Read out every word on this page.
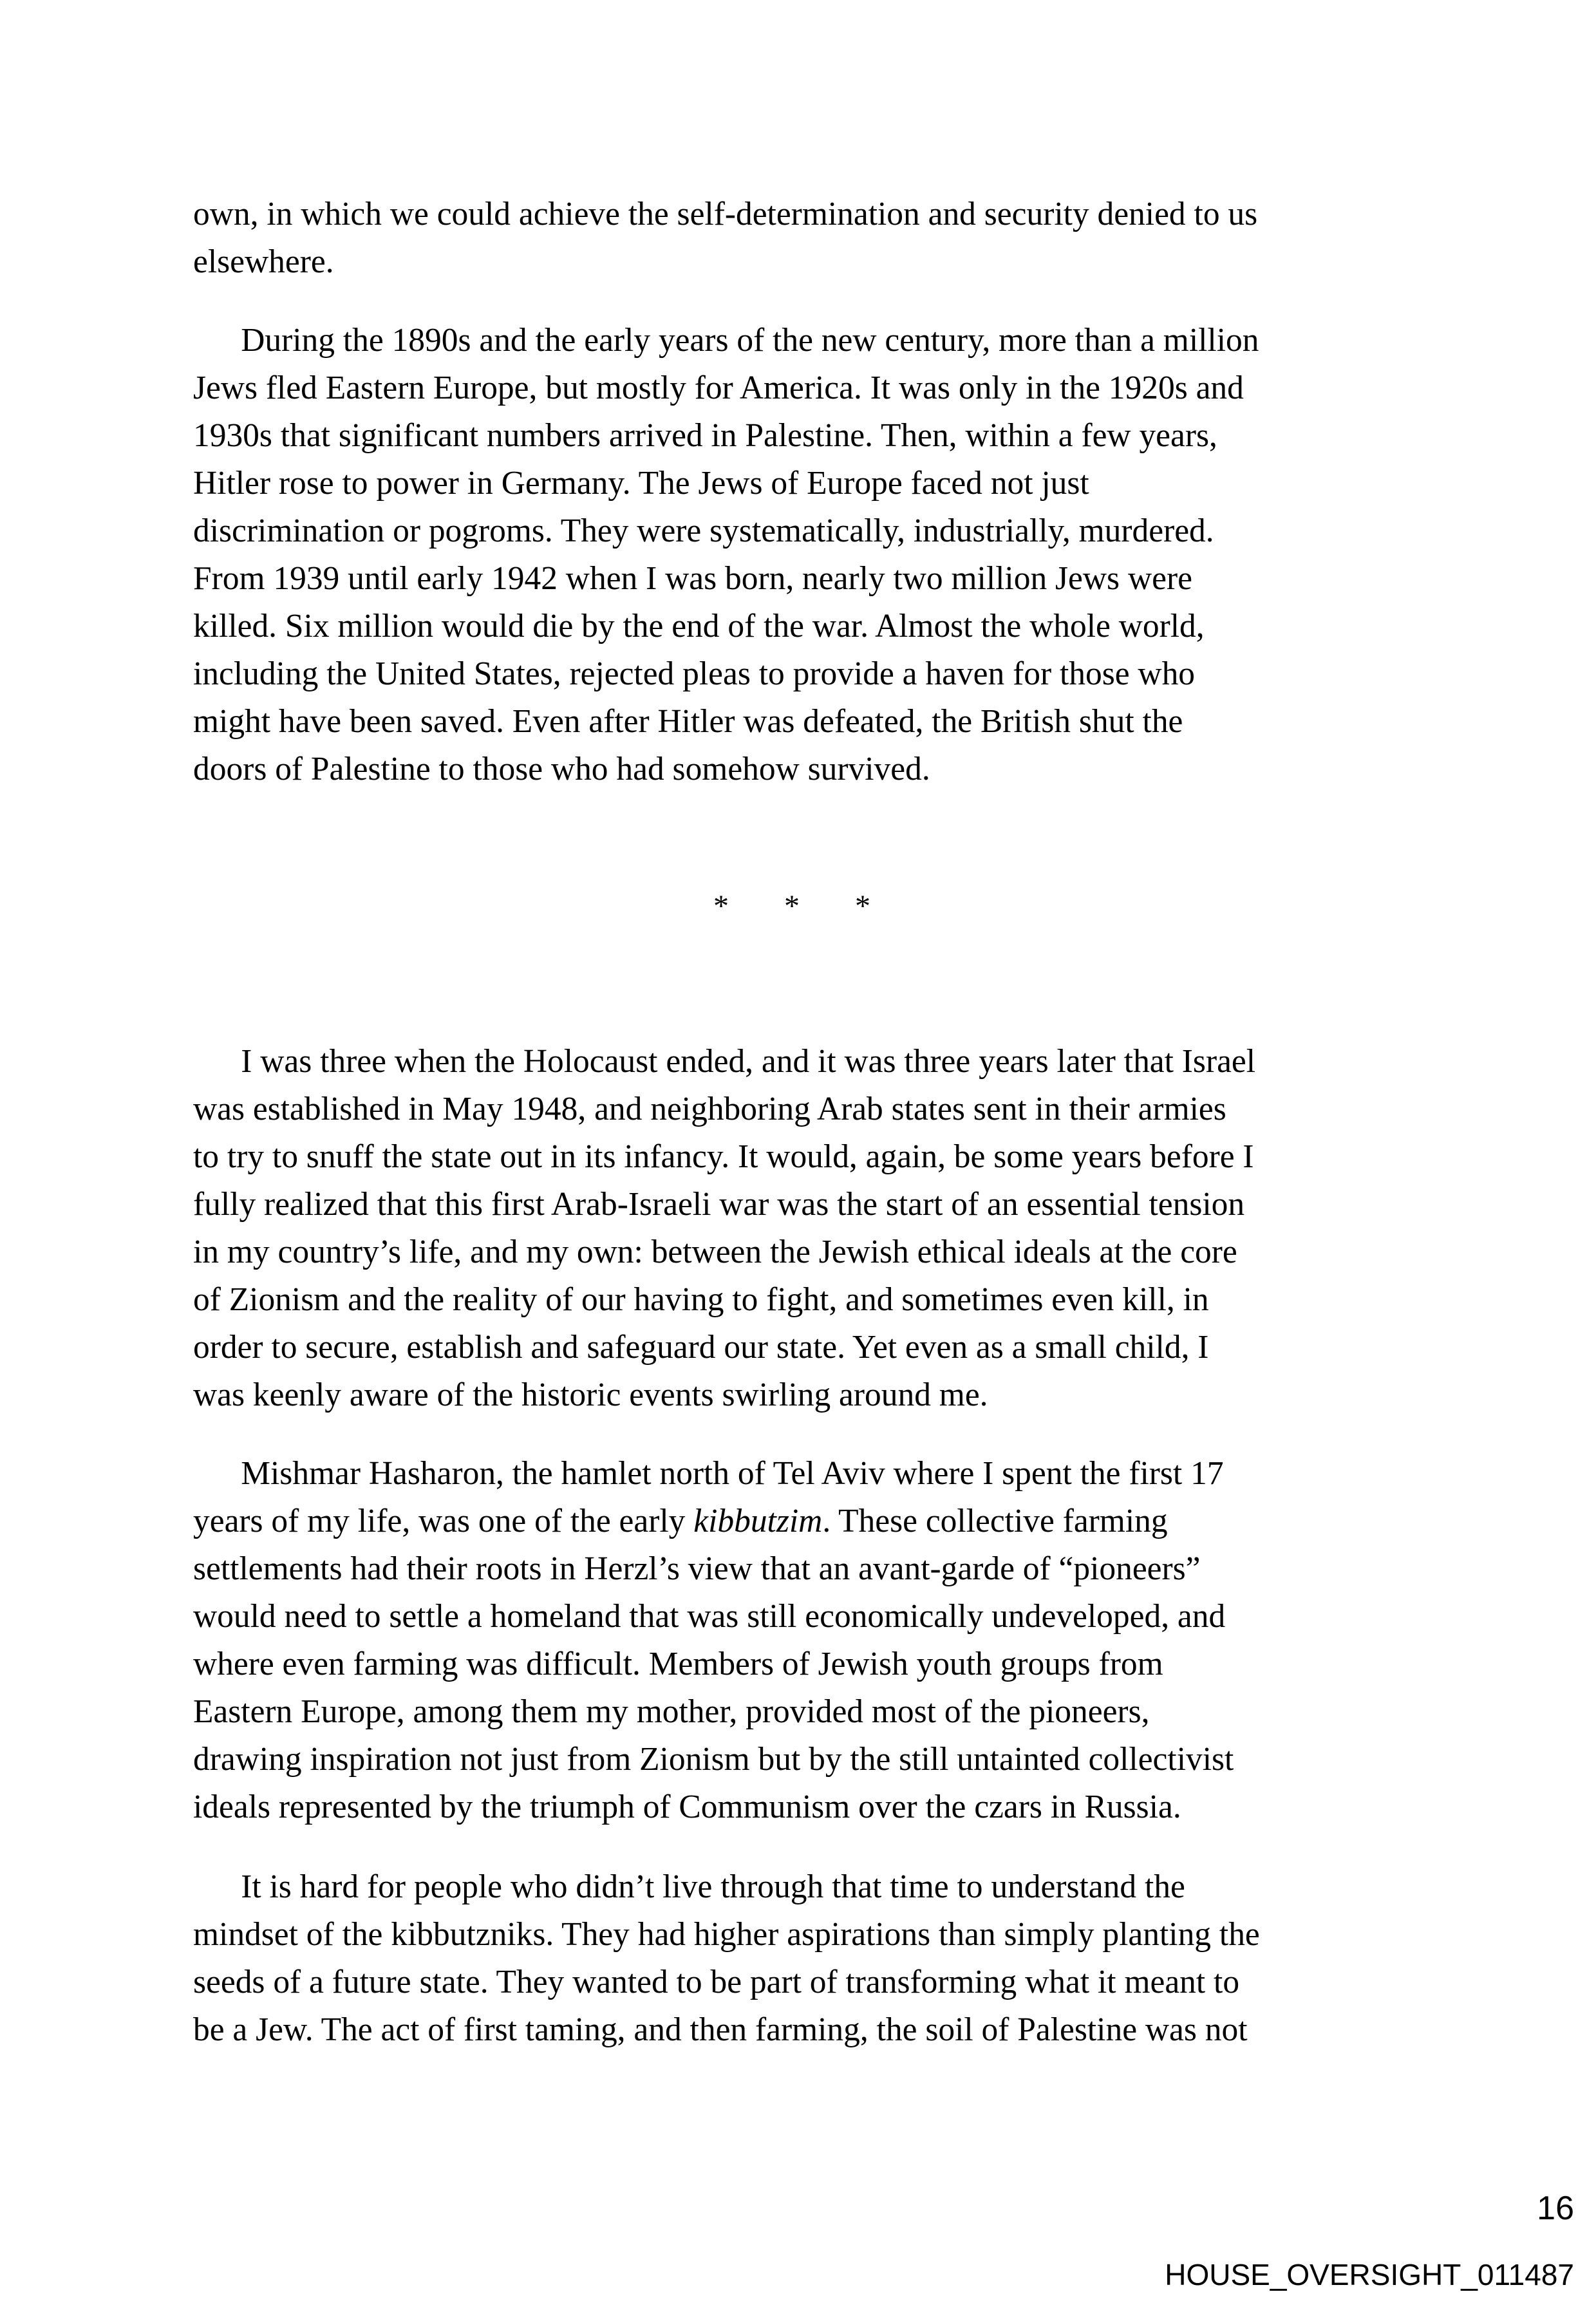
own, in which we could achieve the self-determination and security denied to us
elsewhere.
During the 1890s and the early years of the new century, more than a million
Jews fled Eastern Europe, but mostly for America. It was only in the 1920s and
1930s that significant numbers arrived in Palestine. Then, within a few years,
Hitler rose to power in Germany. The Jews of Europe faced not just
discrimination or pogroms. They were systematically, industrially, murdered.
From 1939 until early 1942 when I was born, nearly two million Jews were
killed. Six million would die by the end of the war. Almost the whole world,
including the United States, rejected pleas to provide a haven for those who
might have been saved. Even after Hitler was defeated, the British shut the
doors of Palestine to those who had somehow survived.
* * *
I was three when the Holocaust ended, and it was three years later that Israel
was established in May 1948, and neighboring Arab states sent in their armies
to try to snuff the state out in its infancy. It would, again, be some years before I
fully realized that this first Arab-Israeli war was the start of an essential tension
in my country’s life, and my own: between the Jewish ethical ideals at the core
of Zionism and the reality of our having to fight, and sometimes even kill, in
order to secure, establish and safeguard our state. Yet even as a small child, I
was keenly aware of the historic events swirling around me.
Mishmar Hasharon, the hamlet north of Tel Aviv where I spent the first 17
years of my life, was one of the early kibbutzim. These collective farming
settlements had their roots in Herzl’s view that an avant-garde of “pioneers”
would need to settle a homeland that was still economically undeveloped, and
where even farming was difficult. Members of Jewish youth groups from
Eastern Europe, among them my mother, provided most of the pioneers,
drawing inspiration not just from Zionism but by the still untainted collectivist
ideals represented by the triumph of Communism over the czars in Russia.
It is hard for people who didn’t live through that time to understand the
mindset of the kibbutzniks. They had higher aspirations than simply planting the
seeds of a future state. They wanted to be part of transforming what it meant to
be a Jew. The act of first taming, and then farming, the soil of Palestine was not
16
HOUSE_OVERSIGHT_011487
